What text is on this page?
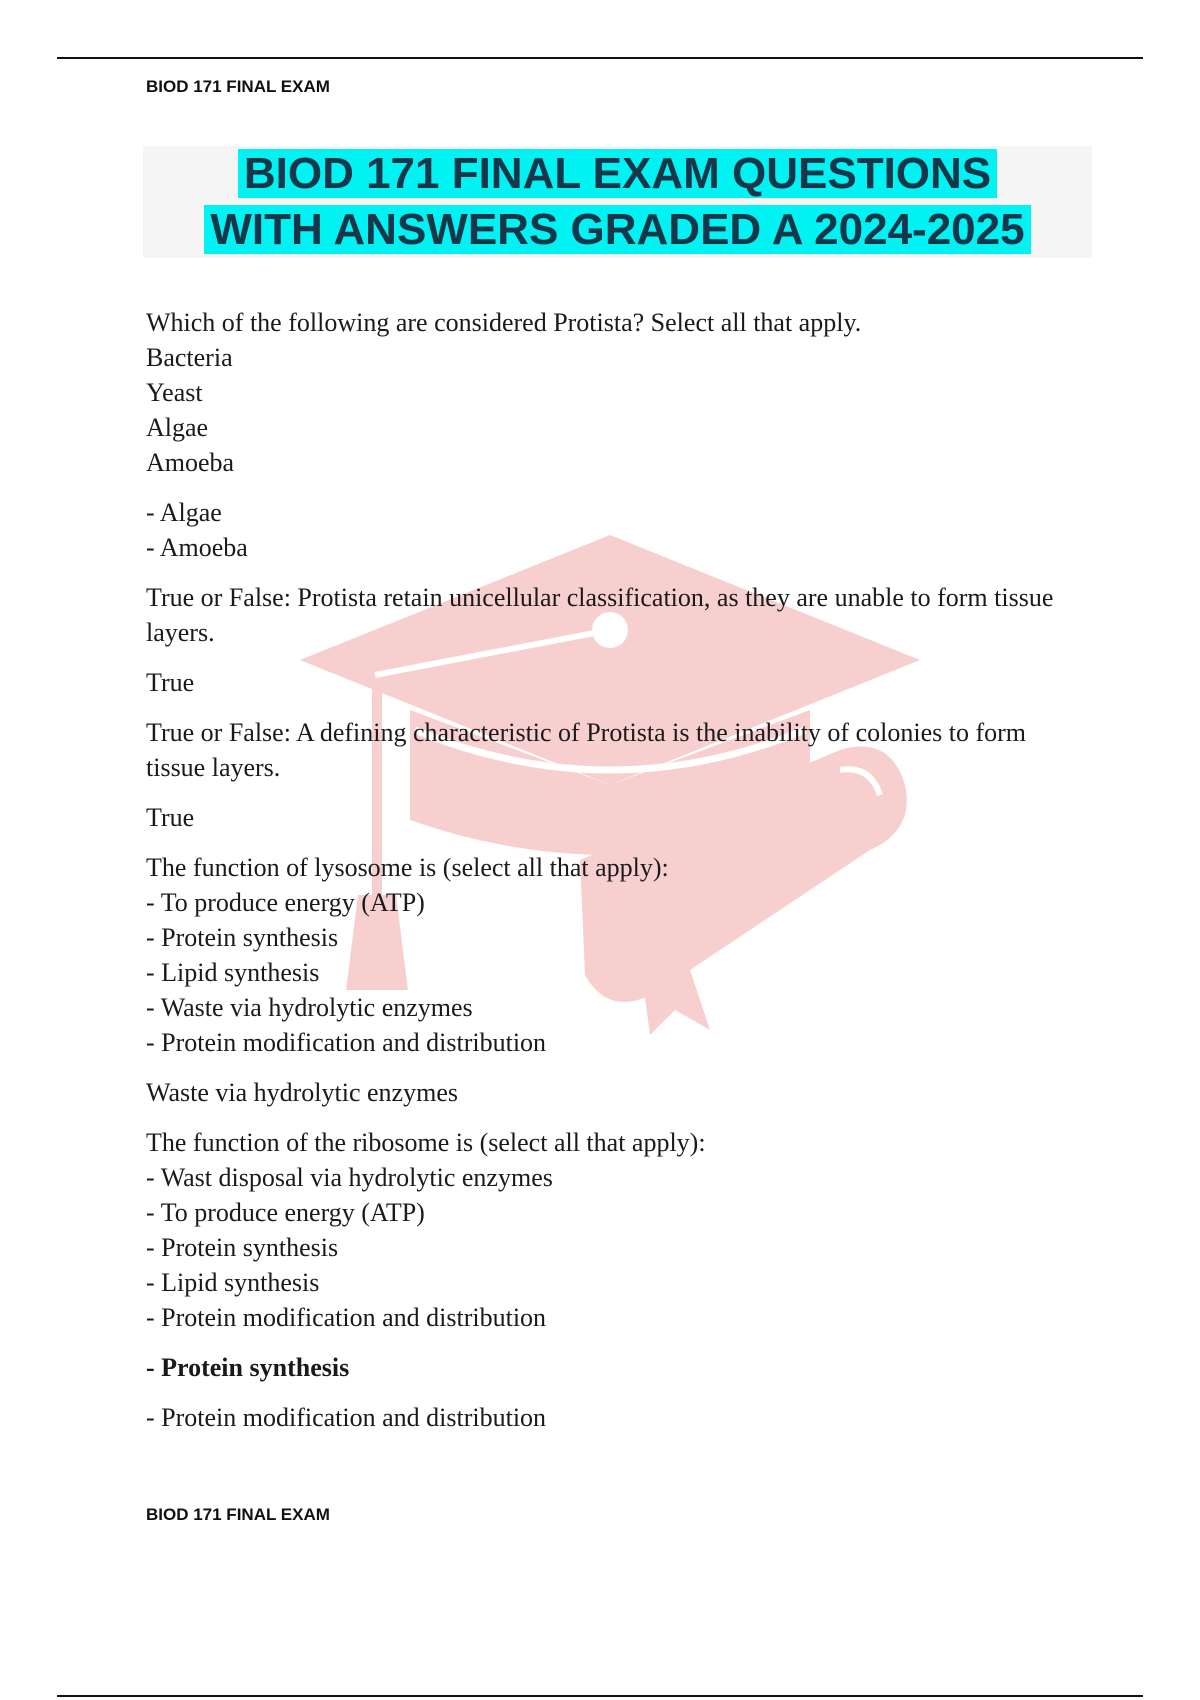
BIOD 171 FINAL EXAM
BIOD 171 FINAL EXAM QUESTIONS
WITH ANSWERS GRADED A 2024-2025

Which of the following are considered Protista? Select all that apply.
Bacteria
Yeast
Algae
Amoeba

- Algae
- Amoeba

True or False: Protista retain unicellular classification, as they are unable to form tissue layers.

True

True or False: A defining characteristic of Protista is the inability of colonies to form tissue layers.

True

The function of lysosome is (select all that apply):
- To produce energy (ATP)
- Protein synthesis
- Lipid synthesis
- Waste via hydrolytic enzymes
- Protein modification and distribution

Waste via hydrolytic enzymes

The function of the ribosome is (select all that apply):
- Wast disposal via hydrolytic enzymes
- To produce energy (ATP)
- Protein synthesis
- Lipid synthesis
- Protein modification and distribution

- Protein synthesis

- Protein modification and distribution

BIOD 171 FINAL EXAM
